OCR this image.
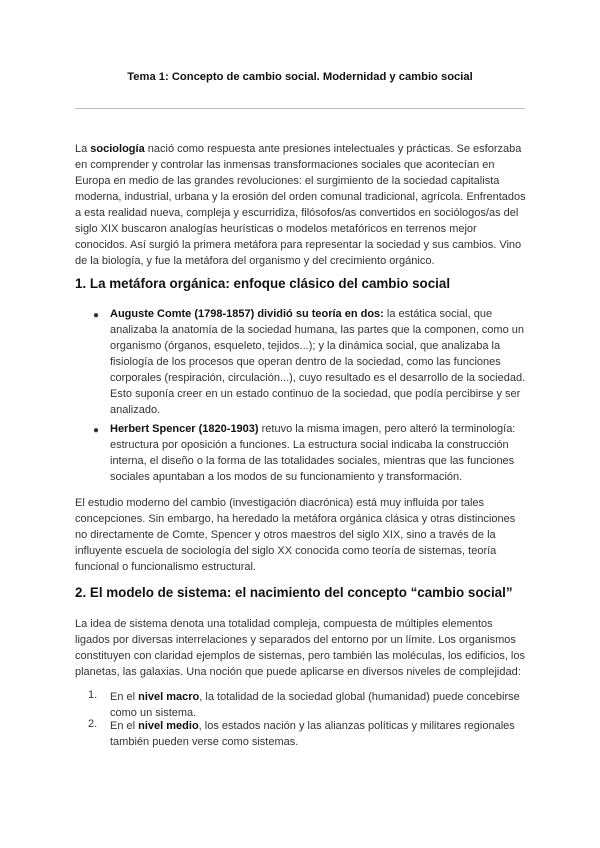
Tema 1: Concepto de cambio social. Modernidad y cambio social

La sociología nació como respuesta ante presiones intelectuales y prácticas. Se esforzaba en comprender y controlar las inmensas transformaciones sociales que acontecían en Europa en medio de las grandes revoluciones: el surgimiento de la sociedad capitalista moderna, industrial, urbana y la erosión del orden comunal tradicional, agrícola. Enfrentados a esta realidad nueva, compleja y escurridiza, filósofos/as convertidos en sociólogos/as del siglo XIX buscaron analogías heurísticas o modelos metafóricos en terrenos mejor conocidos. Así surgió la primera metáfora para representar la sociedad y sus cambios. Vino de la biología, y fue la metáfora del organismo y del crecimiento orgánico.

1. La metáfora orgánica: enfoque clásico del cambio social
● Auguste Comte (1798-1857) dividió su teoría en dos: la estática social, que analizaba la anatomía de la sociedad humana, las partes que la componen, como un organismo (órganos, esqueleto, tejidos...); y la dinámica social, que analizaba la fisiología de los procesos que operan dentro de la sociedad, como las funciones corporales (respiración, circulación...), cuyo resultado es el desarrollo de la sociedad. Esto suponía creer en un estado continuo de la sociedad, que podía percibirse y ser analizado.

● Herbert Spencer (1820-1903) retuvo la misma imagen, pero alteró la terminología: estructura por oposición a funciones. La estructura social indicaba la construcción interna, el diseño o la forma de las totalidades sociales, mientras que las funciones sociales apuntaban a los modos de su funcionamiento y transformación.

El estudio moderno del cambio (investigación diacrónica) está muy influida por tales concepciones. Sin embargo, ha heredado la metáfora orgánica clásica y otras distinciones no directamente de Comte, Spencer y otros maestros del siglo XIX, sino a través de la influyente escuela de sociología del siglo XX conocida como teoría de sistemas, teoría funcional o funcionalismo estructural.

2. El modelo de sistema: el nacimiento del concepto “cambio social”

La idea de sistema denota una totalidad compleja, compuesta de múltiples elementos ligados por diversas interrelaciones y separados del entorno por un límite. Los organismos constituyen con claridad ejemplos de sistemas, pero también las moléculas, los edificios, los planetas, las galaxias. Una noción que puede aplicarse en diversos niveles de complejidad:

1.	En el nivel macro, la totalidad de la sociedad global (humanidad) puede concebirse como un sistema.

2.	En el nivel medio, los estados nación y las alianzas políticas y militares regionales también pueden verse como sistemas.
